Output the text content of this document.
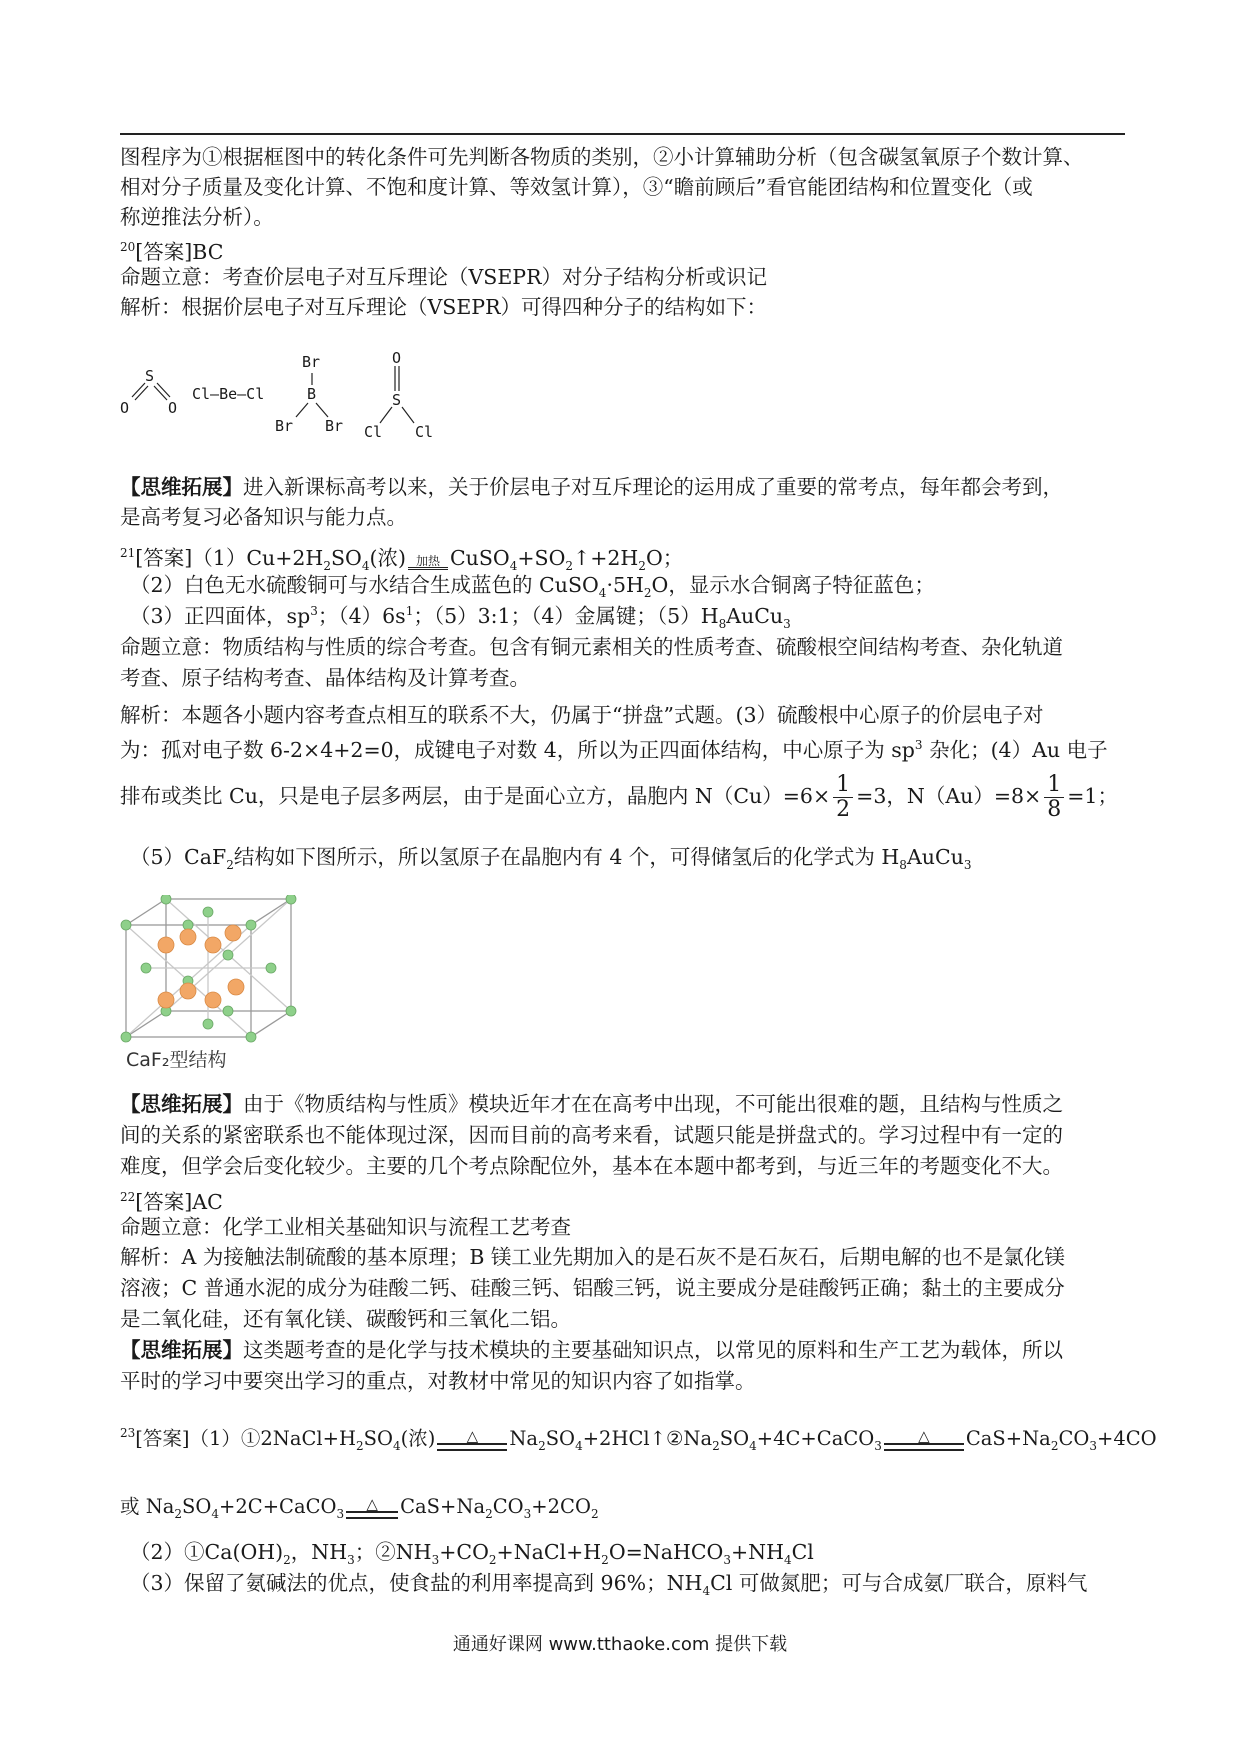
图程序为①根据框图中的转化条件可先判断各物质的类别，②小计算辅助分析（包含碳氢氧原子个数计算、
相对分子质量及变化计算、不饱和度计算、等效氢计算），③“瞻前顾后”看官能团结构和位置变化（或
称逆推法分析）。
$^{20}$[答案]BC
命题立意：考查价层电子对互斥理论（VSEPR）对分子结构分析或识记
解析：根据价层电子对互斥理论（VSEPR）可得四种分子的结构如下：
S
O	O
Cl—Be—Cl
Br
B
Br Br
O
S
Cl Cl
【思维拓展】进入新课标高考以来，关于价层电子对互斥理论的运用成了重要的常考点，每年都会考到，
是高考复习必备知识与能力点。
$^{21}$[答案]$(1)Cu+2H_2SO_4$(浓) 加热 $CuSO_4+SO_2↑+2H_2O$；
（2）白色无水硫酸铜可与水结合生成蓝色的 $CuSO_4\cdot 5H_2O$，显示水合铜离子特征蓝色；
（3）正四面体，$sp^3$；$(4)6s^1$；（5）3:1；（4）金属键；$(5)H_8AuCu_3$
命题立意：物质结构与性质的综合考查。包含有铜元素相关的性质考查、硫酸根空间结构考查、杂化轨道
考查、原子结构考查、晶体结构及计算考查。
解析：本题各小题内容考查点相互的联系不大，仍属于“拼盘”式题。(3）硫酸根中心原子的价层电子对
为：孤对电子数 6-2×4+2=0，成键电子对数 4，所以为正四面体结构，中心原子为 $sp^3$ 杂化；(4）Au 电子
排布或类比 Cu，只是电子层多两层，由于是面心立方，晶胞内 $N(Cu)=6\times \frac{1}{2} =3$，$N(Au)=8\times \frac{1}{8} =1$；
（5）CaF$_2$结构如下图所示，所以氢原子在晶胞内有 4 个，可得储氢后的化学式为 $H_8AuCu_3$
CaF₂型结构
【思维拓展】由于《物质结构与性质》模块近年才在在高考中出现，不可能出很难的题，且结构与性质之
间的关系的紧密联系也不能体现过深，因而目前的高考来看，试题只能是拼盘式的。学习过程中有一定的
难度，但学会后变化较少。主要的几个考点除配位外，基本在本题中都考到，与近三年的考题变化不大。
$^{22}$[答案]AC
命题立意：化学工业相关基础知识与流程工艺考查
解析：A 为接触法制硫酸的基本原理；B 镁工业先期加入的是石灰不是石灰石，后期电解的也不是氯化镁
溶液；C 普通水泥的成分为硅酸二钙、硅酸三钙、铝酸三钙，说主要成分是硅酸钙正确；黏土的主要成分
是二氧化硅，还有氧化镁、碳酸钙和三氧化二铝。
【思维拓展】这类题考查的是化学与技术模块的主要基础知识点，以常见的原料和生产工艺为载体，所以
平时的学习中要突出学习的重点，对教材中常见的知识内容了如指掌。
$^{23}$[答案]$(1)①2NaCl+H_2SO_4$(浓)	△	$Na_2SO_4+2HCl↑②Na_2SO_4+4C+CaCO_3$
△	$CaS+Na_2CO_3+4CO$
或 $Na_2SO_4+2C+CaCO_3$
△	$CaS+Na_2CO_3+2CO_2$
$(2)①Ca(OH)_2$，$NH_3$；$②NH_3+CO_2+NaCl+H_2O=NaHCO_3+NH_4Cl$
（3）保留了氨碱法的优点，使食盐的利用率提高到 96%；$NH_4Cl$ 可做氮肥；可与合成氨厂联合，原料气
通通好课网 www.tthaoke.com 提供下载
